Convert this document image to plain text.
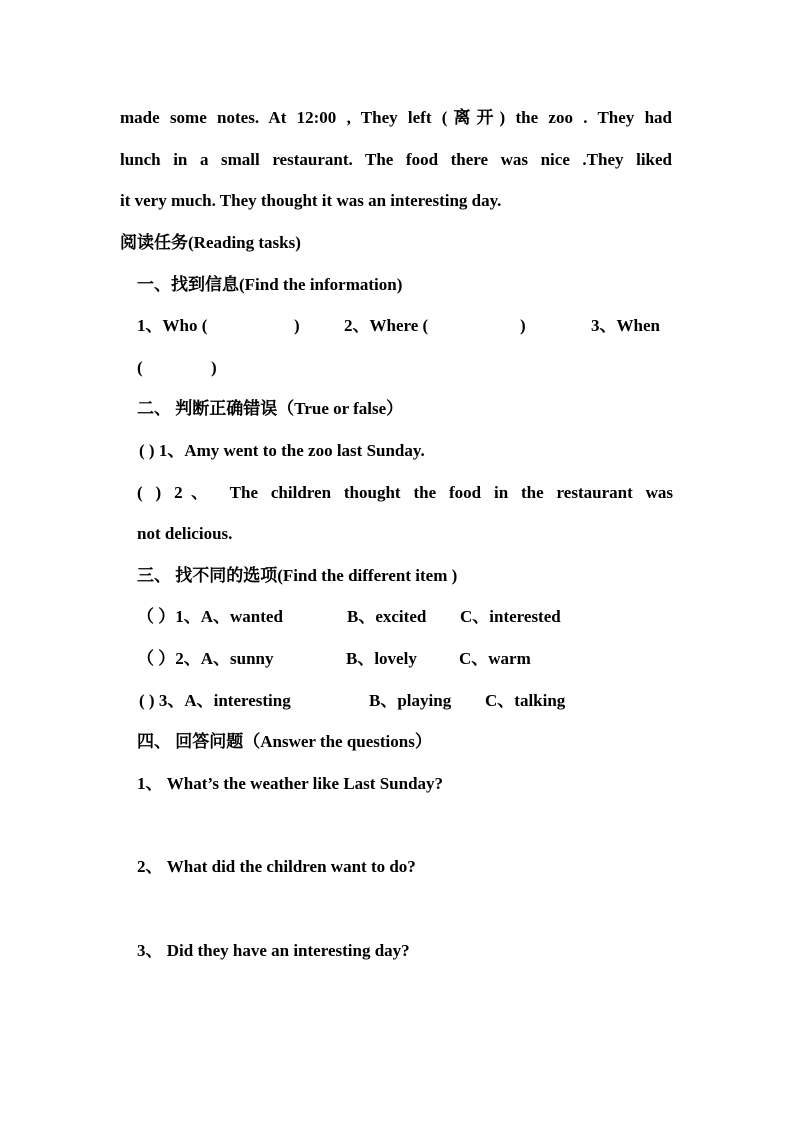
made some notes. At 12:00 , They left (离开) the zoo . They had
lunch in a small restaurant. The food there was nice .They liked
it very much. They thought it was an interesting day.
阅读任务(Reading tasks)
一、找到信息(Find the information)
1、Who (	)	2、Where (	)	3、When
(	)
二、 判断正确错误（True or false）
( ) 1、Amy went to the zoo last Sunday.
( ) 2、 The children thought the food in the restaurant was
not delicious.
三、 找不同的选项(Find the different item )
（ ）1、A、wanted	B、excited C、interested
（ ）2、A、sunny	B、lovely C、warm
( ) 3、A、interesting	B、playing C、talking
四、 回答问题（Answer the questions）
1、 What’s the weather like Last Sunday?
2、 What did the children want to do?
3、 Did they have an interesting day?
